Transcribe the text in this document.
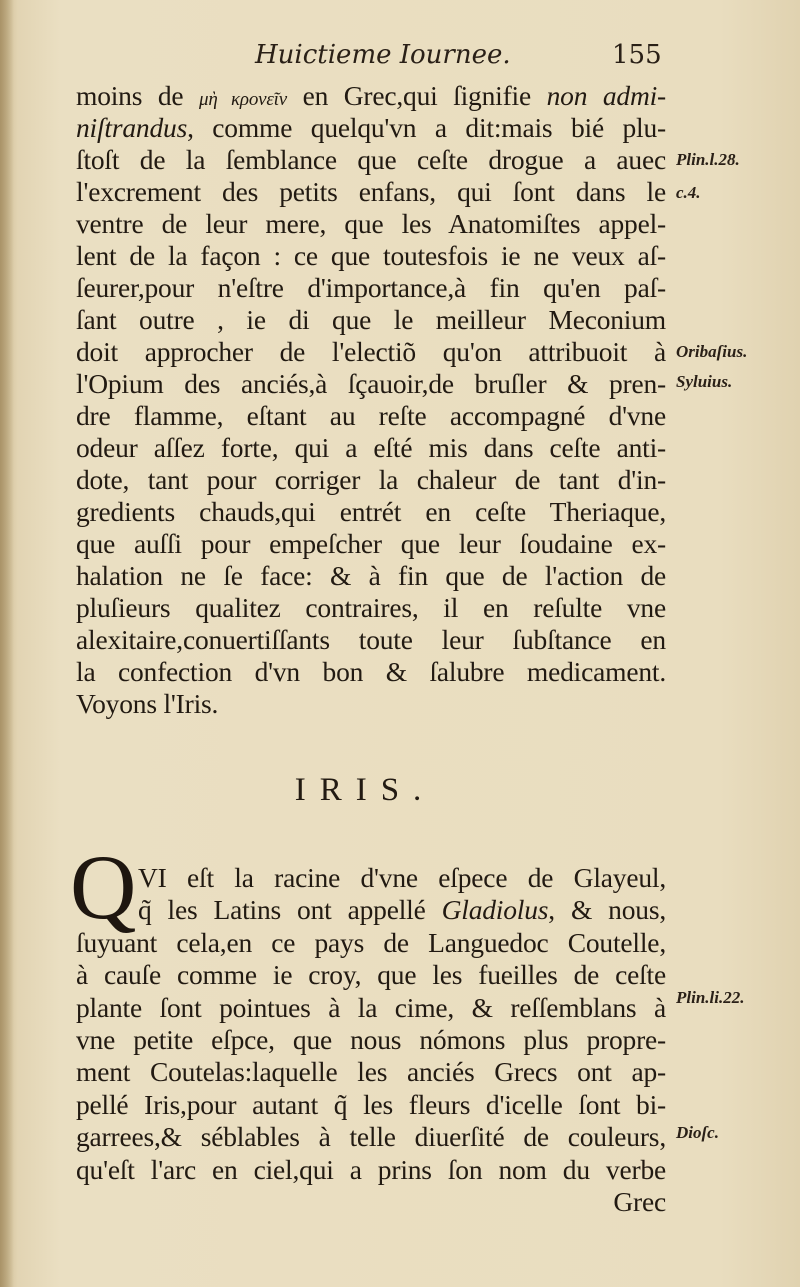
Huictieme Iournee.	155
moins de μὴ κρονεῖν en Grec,qui ſignifie non admi-
niſtrandus, comme quelqu'vn a dit:mais bié plu-
ſtoſt de la ſemblance que ceſte drogue a auec
l'excrement des petits enfans, qui ſont dans le
ventre de leur mere, que les Anatomiſtes appel-
lent de la façon : ce que toutesfois ie ne veux aſ-
ſeurer,pour n'eſtre d'importance,à fin qu'en paſ-
ſant outre , ie di que le meilleur Meconium
doit approcher de l'electiõ qu'on attribuoit à
l'Opium des anciés,à ſçauoir,de bruſler & pren-
dre flamme, eſtant au reſte accompagné d'vne
odeur aſſez forte, qui a eſté mis dans ceſte anti-
dote, tant pour corriger la chaleur de tant d'in-
gredients chauds,qui entrét en ceſte Theriaque,
que auſſi pour empeſcher que leur ſoudaine ex-
halation ne ſe face: & à fin que de l'action de
pluſieurs qualitez contraires, il en reſulte vne
alexitaire,conuertiſſants toute leur ſubſtance en
la confection d'vn bon & ſalubre medicament.
Voyons l'Iris.
IRIS.
Q VI eſt la racine d'vne eſpece de Glayeul,
q̃ les Latins ont appellé Gladiolus, & nous,
ſuyuant cela,en ce pays de Languedoc Coutelle,
à cauſe comme ie croy, que les fueilles de ceſte
plante ſont pointues à la cime, & reſſemblans à
vne petite eſpce, que nous nómons plus propre-
ment Coutelas:laquelle les anciés Grecs ont ap-
pellé Iris,pour autant q̃ les fleurs d'icelle ſont bi-
garrees,& séblables à telle diuerſité de couleurs,
qu'eſt l'arc en ciel,qui a prins ſon nom du verbe
Grec
Plin.l.28.
c.4.
Oribaſius.
Syluius.
Plin.li.22.
Dioſc.
